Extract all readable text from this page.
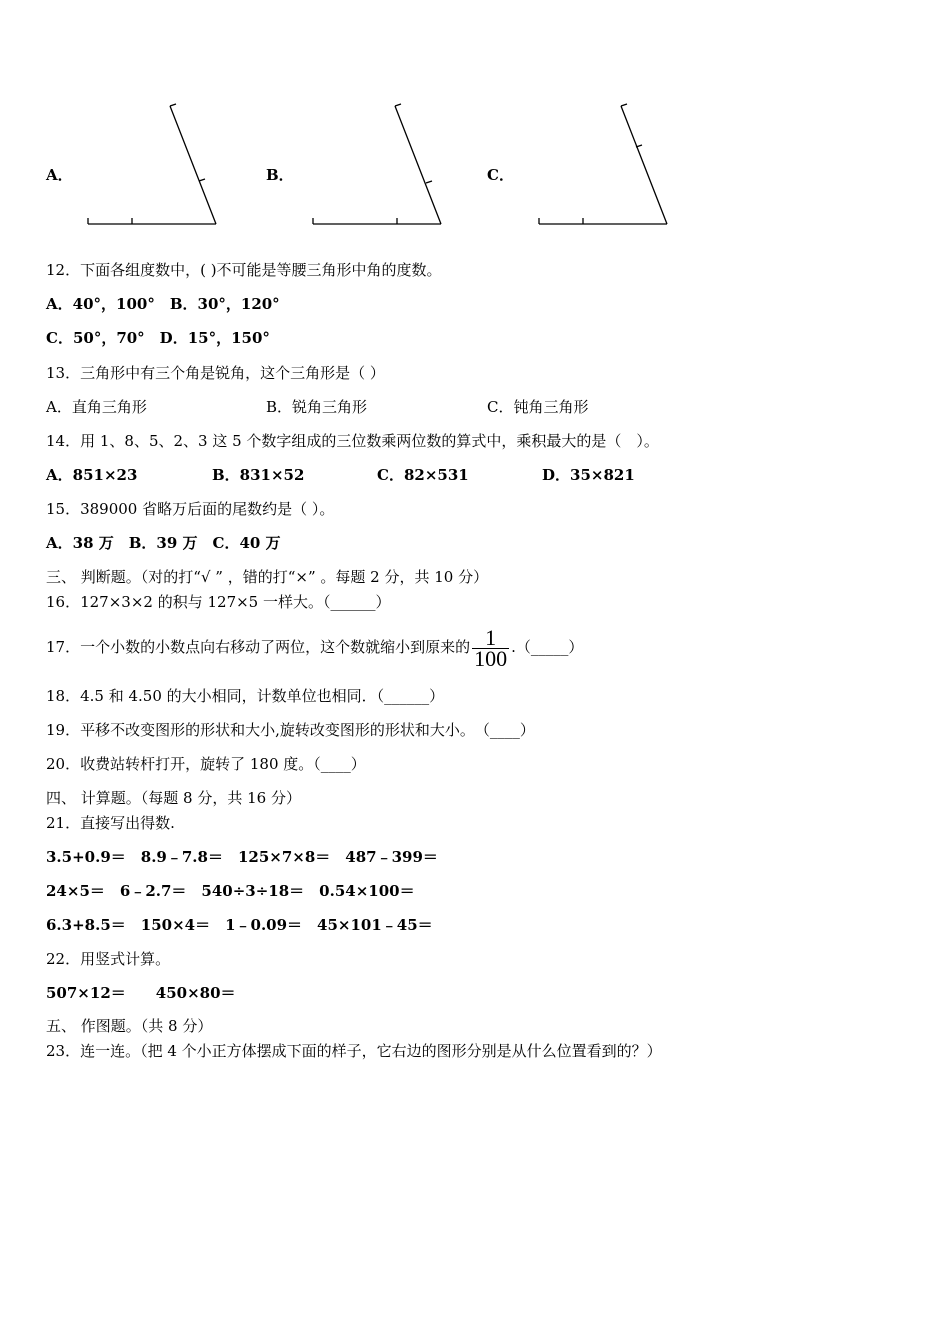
A．	B．	C．
12．下面各组度数中，( )不可能是等腰三角形中角的度数。
A．40°，100°　B．30°，120°
C．50°，70°　D．15°，150°
13．三角形中有三个角是锐角，这个三角形是（ ）
A．直角三角形	B．锐角三角形	C．钝角三角形
14．用 1、8、5、2、3 这 5 个数字组成的三位数乘两位数的算式中，乘积最大的是（　）。
A．851×23	B．831×52	C．82×531	D．35×821
15．389000 省略万后面的尾数约是（ ）。
A．38 万　B．39 万　C．40 万
三、 判断题。（对的打“√ ” ，错的打“×” 。每题 2 分，共 10 分）
16．127×3×2 的积与 127×5 一样大。（______）
17．一个小数的小数点向右移动了两位，这个数就缩小到原来的 $\frac{1}{100}$ .（_____）
18．4.5 和 4.50 的大小相同，计数单位也相同．（______）
19．平移不改变图形的形状和大小,旋转改变图形的形状和大小。　（____）
20．收费站转杆打开，旋转了 180 度。（____）
四、 计算题。（每题 8 分，共 16 分）
21．直接写出得数.
3.5+0.9＝　8.9﹣7.8＝　125×7×8＝　487﹣399＝
24×5＝　6﹣2.7＝　540÷3÷18＝　0.54×100＝
6.3+8.5＝　150×4＝　1﹣0.09＝　45×101﹣45＝
22．用竖式计算。
507×12＝　　450×80＝
五、 作图题。（共 8 分）
23．连一连。（把 4 个小正方体摆成下面的样子，它右边的图形分别是从什么位置看到的？）
